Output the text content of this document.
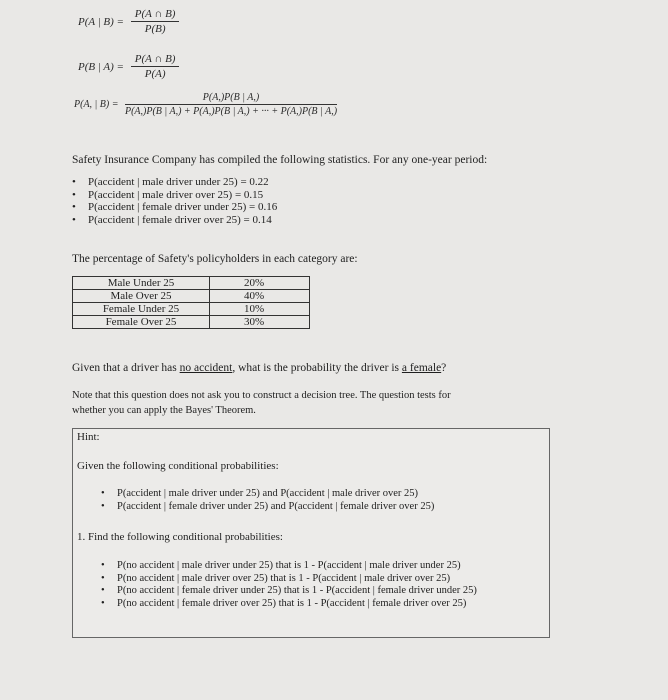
P(A | $B) = \frac{P(A \cap B)}{P(B)}$
P(B | $A) = \frac{P(A \cap B)}{P(A)}$
P(A, | $B) = \frac{P(A,)P(B | A,)}{P(A,)P(B | A,) + P(A,)P(B | A,) + \cdot\cdot\cdot + P(A,)P(B | A,)}$
Safety Insurance Company has compiled the following statistics. For any one-year period:
• P(accident | male driver under 25) = 0.22
• P(accident | male driver over 25) = 0.15
• P(accident | female driver under 25) = 0.16
• P(accident | female driver over 25) = 0.14
The percentage of Safety's policyholders in each category are:
Male Under 25	20%
Male Over 25	40%
Female Under 25	10%
Female Over 25	30%
Given that a driver has no accident, what is the probability the driver is a female?
Note that this question does not ask you to construct a decision tree. The question tests for
whether you can apply the Bayes' Theorem.
Hint:
Given the following conditional probabilities:
• P(accident | male driver under 25) and P(accident | male driver over 25)
• P(accident | female driver under 25) and P(accident | female driver over 25)
1. Find the following conditional probabilities:
• P(no accident | male driver under 25) that is 1 - P(accident | male driver under 25)
• P(no accident | male driver over 25) that is 1 - P(accident | male driver over 25)
• P(no accident | female driver under 25) that is 1 - P(accident | female driver under 25)
• P(no accident | female driver over 25) that is 1 - P(accident | female driver over 25)
